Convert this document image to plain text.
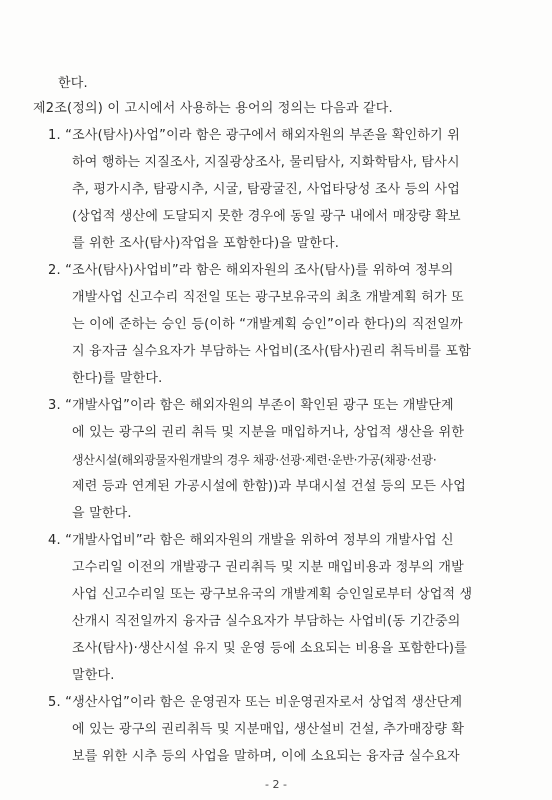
한다.
제2조(정의) 이 고시에서 사용하는 용어의 정의는 다음과 같다.
1. “조사(탐사)사업”이라 함은 광구에서 해외자원의 부존을 확인하기 위
하여 행하는 지질조사, 지질광상조사, 물리탐사, 지화학탐사, 탐사시
추, 평가시추, 탐광시추, 시굴, 탐광굴진, 사업타당성 조사 등의 사업
(상업적 생산에 도달되지 못한 경우에 동일 광구 내에서 매장량 확보
를 위한 조사(탐사)작업을 포함한다)을 말한다.
2. “조사(탐사)사업비”라 함은 해외자원의 조사(탐사)를 위하여 정부의
개발사업 신고수리 직전일 또는 광구보유국의 최초 개발계획 허가 또
는 이에 준하는 승인 등(이하 “개발계획 승인”이라 한다)의 직전일까
지 융자금 실수요자가 부담하는 사업비(조사(탐사)권리 취득비를 포함
한다)를 말한다.
3. “개발사업”이라 함은 해외자원의 부존이 확인된 광구 또는 개발단계
에 있는 광구의 권리 취득 및 지분을 매입하거나, 상업적 생산을 위한
생산시설(해외광물자원개발의 경우 채광·선광·제련·운반·가공(채광·선광·
제련 등과 연계된 가공시설에 한함))과 부대시설 건설 등의 모든 사업
을 말한다.
4. “개발사업비”라 함은 해외자원의 개발을 위하여 정부의 개발사업 신
고수리일 이전의 개발광구 권리취득 및 지분 매입비용과 정부의 개발
사업 신고수리일 또는 광구보유국의 개발계획 승인일로부터 상업적 생
산개시 직전일까지 융자금 실수요자가 부담하는 사업비(동 기간중의
조사(탐사)·생산시설 유지 및 운영 등에 소요되는 비용을 포함한다)를
말한다.
5. “생산사업”이라 함은 운영권자 또는 비운영권자로서 상업적 생산단계
에 있는 광구의 권리취득 및 지분매입, 생산설비 건설, 추가매장량 확
보를 위한 시추 등의 사업을 말하며, 이에 소요되는 융자금 실수요자
- 2 -
